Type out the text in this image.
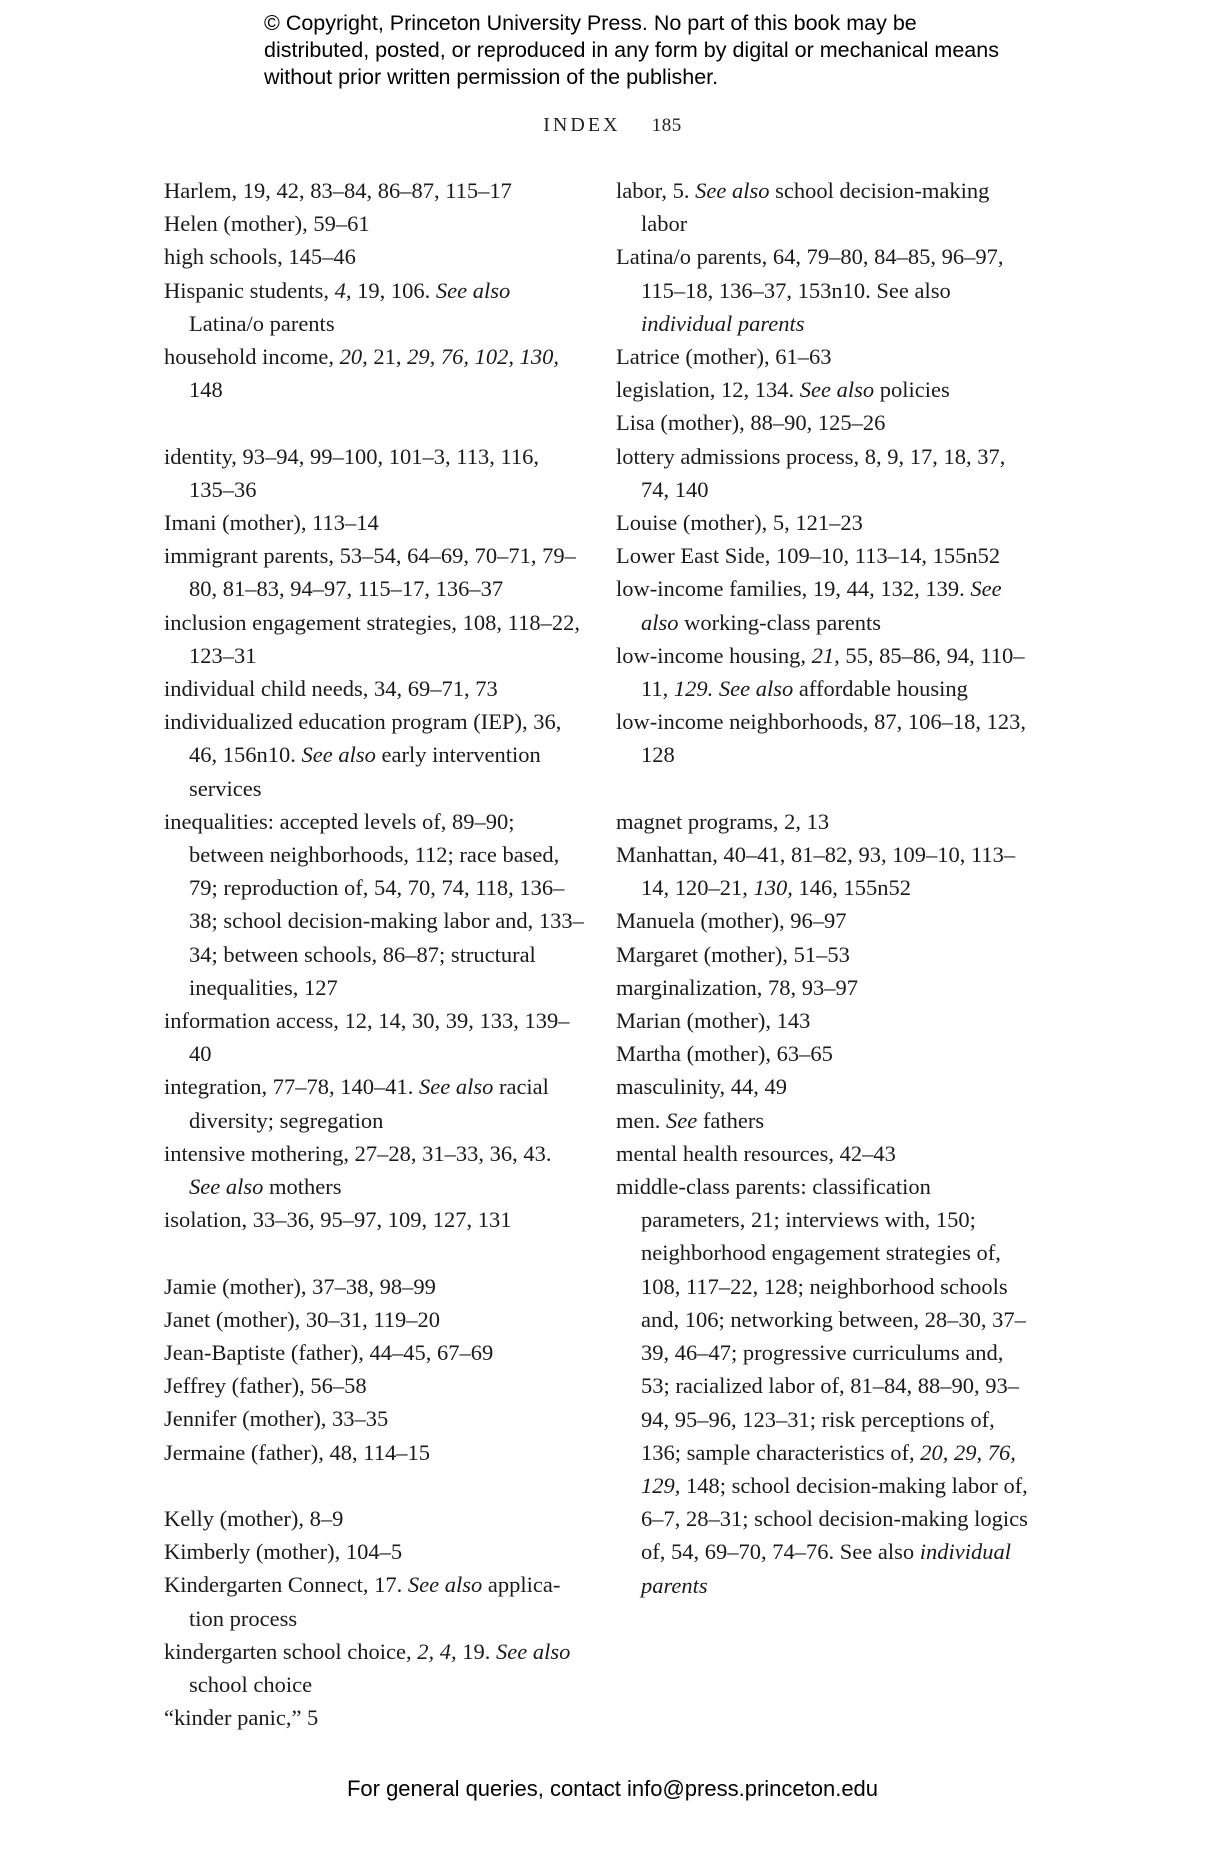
© Copyright, Princeton University Press. No part of this book may be distributed, posted, or reproduced in any form by digital or mechanical means without prior written permission of the publisher.
INDEX 185

Harlem, 19, 42, 83–84, 86–87, 115–17

Helen (mother), 59–61

high schools, 145–46

Hispanic students, 4, 19, 106. See also Latina/o parents

household income, 20, 21, 29, 76, 102, 130, 148

identity, 93–94, 99–100, 101–3, 113, 116, 135–36

Imani (mother), 113–14

immigrant parents, 53–54, 64–69, 70–71, 79–80, 81–83, 94–97, 115–17, 136–37

inclusion engagement strategies, 108, 118–22, 123–31

individual child needs, 34, 69–71, 73

individualized education program (IEP), 36, 46, 156n10. See also early intervention services

inequalities: accepted levels of, 89–90; between neighborhoods, 112; race based, 79; reproduction of, 54, 70, 74, 118, 136–38; school decision-making labor and, 133–34; between schools, 86–87; structural inequalities, 127

information access, 12, 14, 30, 39, 133, 139–40

integration, 77–78, 140–41. See also racial diversity; segregation

intensive mothering, 27–28, 31–33, 36, 43. See also mothers

isolation, 33–36, 95–97, 109, 127, 131

Jamie (mother), 37–38, 98–99

Janet (mother), 30–31, 119–20

Jean-Baptiste (father), 44–45, 67–69

Jeffrey (father), 56–58

Jennifer (mother), 33–35

Jermaine (father), 48, 114–15

Kelly (mother), 8–9

Kimberly (mother), 104–5

Kindergarten Connect, 17. See also applica-tion process

kindergarten school choice, 2, 4, 19. See also school choice

“kinder panic,” 5

labor, 5. See also school decision-making labor

Latina/o parents, 64, 79–80, 84–85, 96–97, 115–18, 136–37, 153n10. See also individual parents

Latrice (mother), 61–63

legislation, 12, 134. See also policies

Lisa (mother), 88–90, 125–26

lottery admissions process, 8, 9, 17, 18, 37, 74, 140

Louise (mother), 5, 121–23

Lower East Side, 109–10, 113–14, 155n52

low-income families, 19, 44, 132, 139. See also working-class parents

low-income housing, 21, 55, 85–86, 94, 110–11, 129. See also affordable housing

low-income neighborhoods, 87, 106–18, 123, 128

magnet programs, 2, 13

Manhattan, 40–41, 81–82, 93, 109–10, 113–14, 120–21, 130, 146, 155n52

Manuela (mother), 96–97

Margaret (mother), 51–53

marginalization, 78, 93–97

Marian (mother), 143

Martha (mother), 63–65

masculinity, 44, 49

men. See fathers

mental health resources, 42–43

middle-class parents: classification parameters, 21; interviews with, 150; neighborhood engagement strategies of, 108, 117–22, 128; neighborhood schools and, 106; networking between, 28–30, 37–39, 46–47; progressive curriculums and, 53; racialized labor of, 81–84, 88–90, 93–94, 95–96, 123–31; risk perceptions of, 136; sample characteristics of, 20, 29, 76, 129, 148; school decision-making labor of, 6–7, 28–31; school decision-making logics of, 54, 69–70, 74–76. See also individual parents

For general queries, contact info@press.princeton.edu
